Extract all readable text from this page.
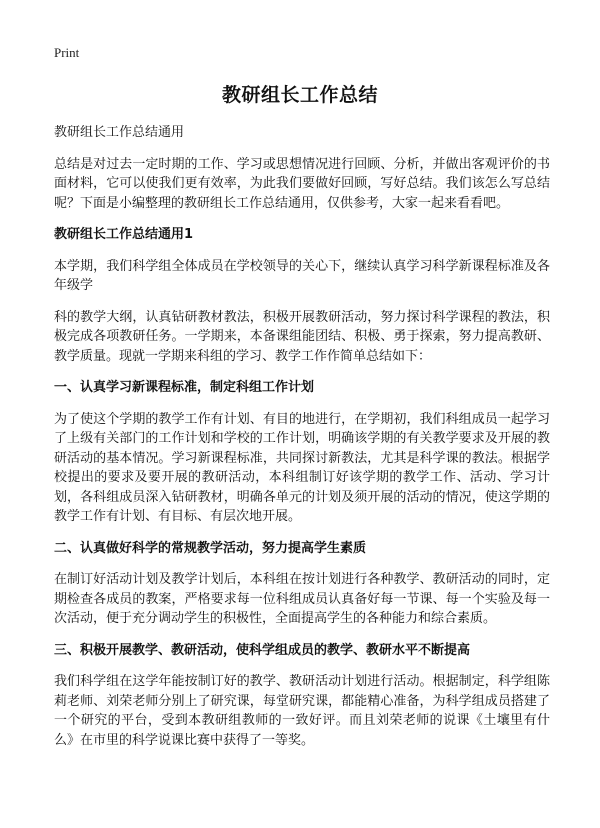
Print
教研组长工作总结

教研组长工作总结通用

总结是对过去一定时期的工作、学习或思想情况进行回顾、分析，并做出客观评价的书面材料，它可以使我们更有效率，为此我们要做好回顾，写好总结。我们该怎么写总结呢？下面是小编整理的教研组长工作总结通用，仅供参考，大家一起来看看吧。

教研组长工作总结通用1

本学期，我们科学组全体成员在学校领导的关心下，继续认真学习科学新课程标准及各年级学

科的教学大纲，认真钻研教材教法，积极开展教研活动，努力探讨科学课程的教法，积极完成各项教研任务。一学期来，本备课组能团结、积极、勇于探索，努力提高教研、教学质量。现就一学期来科组的学习、教学工作作简单总结如下：

一、认真学习新课程标准，制定科组工作计划

为了使这个学期的教学工作有计划、有目的地进行，在学期初，我们科组成员一起学习了上级有关部门的工作计划和学校的工作计划，明确该学期的有关教学要求及开展的教研活动的基本情况。学习新课程标准，共同探讨新教法，尤其是科学课的教法。根据学校提出的要求及要开展的教研活动，本科组制订好该学期的教学工作、活动、学习计划，各科组成员深入钻研教材，明确各单元的计划及须开展的活动的情况，使这学期的教学工作有计划、有目标、有层次地开展。

二、认真做好科学的常规教学活动，努力提高学生素质

在制订好活动计划及教学计划后，本科组在按计划进行各种教学、教研活动的同时，定期检查各成员的教案，严格要求每一位科组成员认真备好每一节课、每一个实验及每一次活动，便于充分调动学生的积极性，全面提高学生的各种能力和综合素质。

三、积极开展教学、教研活动，使科学组成员的教学、教研水平不断提高

我们科学组在这学年能按制订好的教学、教研活动计划进行活动。根据制定，科学组陈莉老师、刘荣老师分别上了研究课，每堂研究课，都能精心准备，为科学组成员搭建了一个研究的平台，受到本教研组教师的一致好评。而且刘荣老师的说课《土壤里有什么》在市里的科学说课比赛中获得了一等奖。
